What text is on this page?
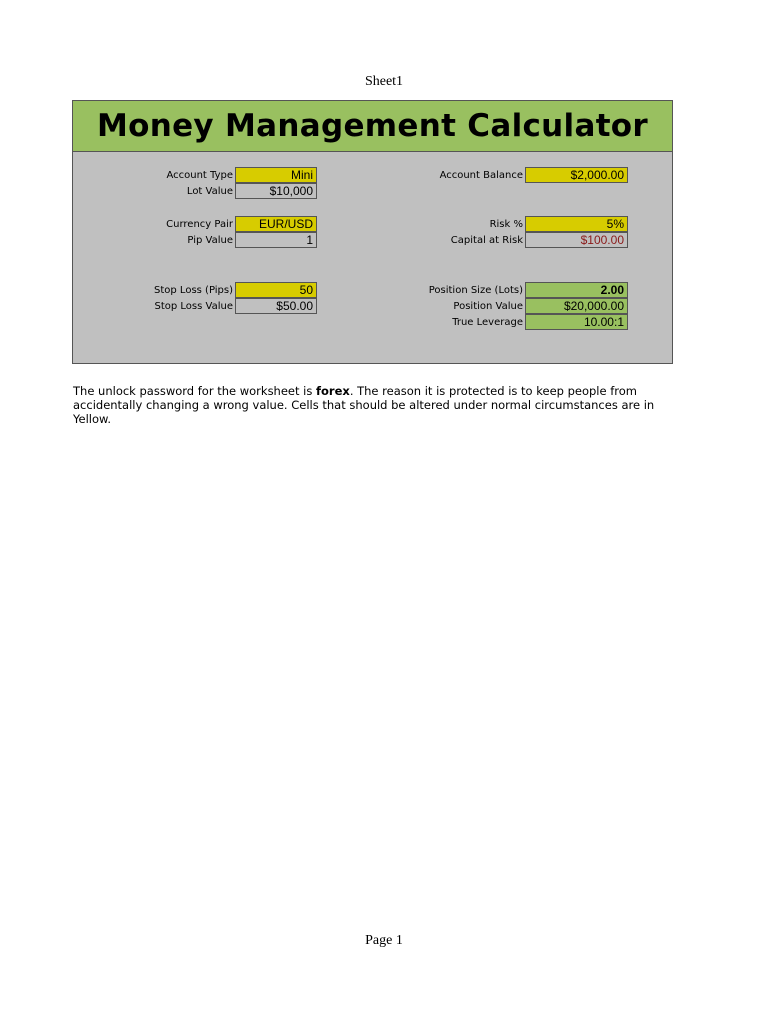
Sheet1
Money Management Calculator
Account Type	Mini
Lot Value	$10,000
Currency Pair	EUR/USD
Pip Value	1
Stop Loss (Pips)	50
Stop Loss Value	$50.00
Account Balance	$2,000.00
Risk %	5%
Capital at Risk	$100.00
Position Size (Lots)	2.00
Position Value	$20,000.00
True Leverage	10.00:1
The unlock password for the worksheet is forex. The reason it is protected is to keep people from accidentally changing a wrong value. Cells that should be altered under normal circumstances are in Yellow.
Page 1
